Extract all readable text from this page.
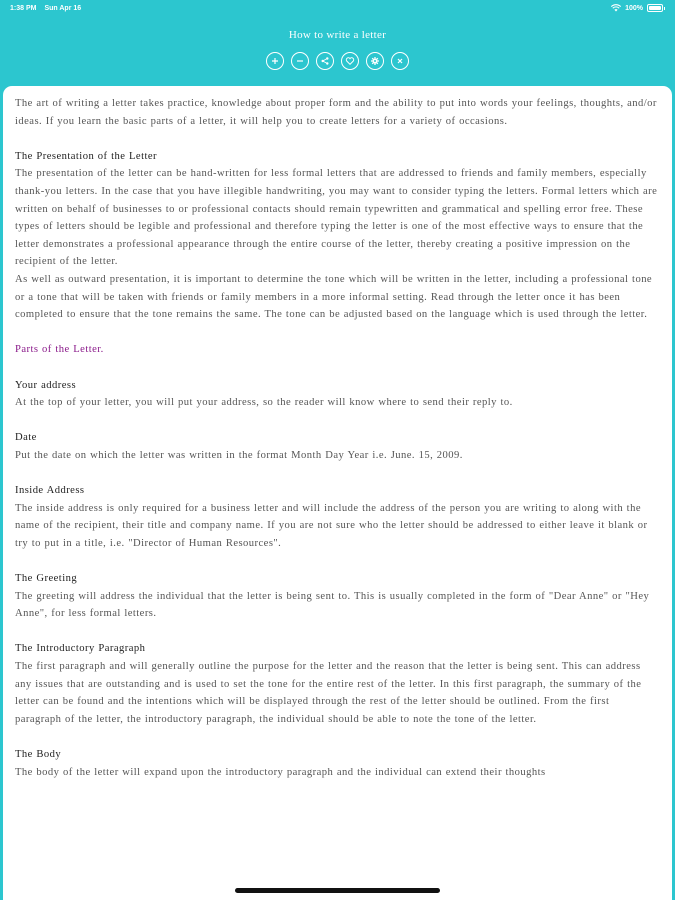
1:38 PM Sun Apr 16	100%
How to write a letter

The art of writing a letter takes practice, knowledge about proper form and the ability to put into words your feelings, thoughts, and/or ideas. If you learn the basic parts of a letter, it will help you to create letters for a variety of occasions.

The Presentation of the Letter

The presentation of the letter can be hand-written for less formal letters that are addressed to friends and family members, especially thank-you letters. In the case that you have illegible handwriting, you may want to consider typing the letters. Formal letters which are written on behalf of businesses to or professional contacts should remain typewritten and grammatical and spelling error free. These types of letters should be legible and professional and therefore typing the letter is one of the most effective ways to ensure that the letter demonstrates a professional appearance through the entire course of the letter, thereby creating a positive impression on the recipient of the letter.

As well as outward presentation, it is important to determine the tone which will be written in the letter, including a professional tone or a tone that will be taken with friends or family members in a more informal setting. Read through the letter once it has been completed to ensure that the tone remains the same. The tone can be adjusted based on the language which is used through the letter.

Parts of the Letter.

Your address

At the top of your letter, you will put your address, so the reader will know where to send their reply to.

Date

Put the date on which the letter was written in the format Month Day Year i.e. June. 15, 2009.

Inside Address

The inside address is only required for a business letter and will include the address of the person you are writing to along with the name of the recipient, their title and company name. If you are not sure who the letter should be addressed to either leave it blank or try to put in a title, i.e. "Director of Human Resources".

The Greeting

The greeting will address the individual that the letter is being sent to. This is usually completed in the form of "Dear Anne" or "Hey Anne", for less formal letters.

The Introductory Paragraph

The first paragraph and will generally outline the purpose for the letter and the reason that the letter is being sent. This can address any issues that are outstanding and is used to set the tone for the entire rest of the letter. In this first paragraph, the summary of the letter can be found and the intentions which will be displayed through the rest of the letter should be outlined. From the first paragraph of the letter, the introductory paragraph, the individual should be able to note the tone of the letter.

The Body

The body of the letter will expand upon the introductory paragraph and the individual can extend their thoughts
